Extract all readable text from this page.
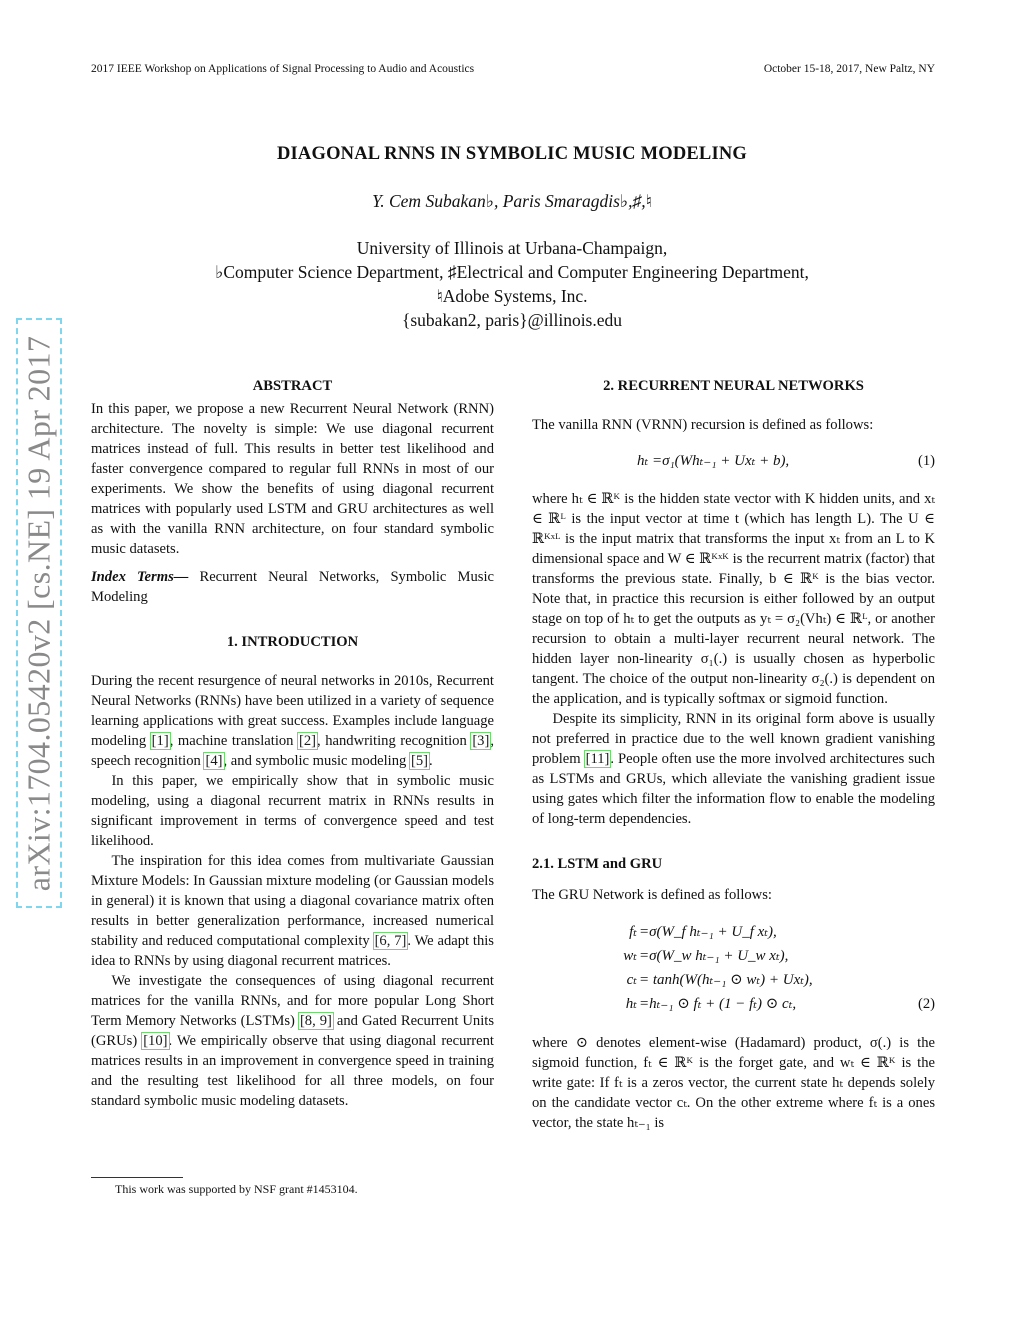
2017 IEEE Workshop on Applications of Signal Processing to Audio and Acoustics	October 15-18, 2017, New Paltz, NY
DIAGONAL RNNS IN SYMBOLIC MUSIC MODELING
Y. Cem Subakan♭, Paris Smaragdis♭,♯,♮
University of Illinois at Urbana-Champaign,
♭Computer Science Department, ♯Electrical and Computer Engineering Department,
♮Adobe Systems, Inc.
{subakan2, paris}@illinois.edu
arXiv:1704.05420v2 [cs.NE] 19 Apr 2017	ABSTRACT

In this paper, we propose a new Recurrent Neural Network (RNN) architecture. The novelty is simple: We use diagonal recurrent matrices instead of full. This results in better test likelihood and faster convergence compared to regular full RNNs in most of our experiments. We show the benefits of using diagonal recurrent matrices with popularly used LSTM and GRU architectures as well as with the vanilla RNN architecture, on four standard symbolic music datasets.

Index Terms— Recurrent Neural Networks, Symbolic Music Modeling

1. INTRODUCTION

During the recent resurgence of neural networks in 2010s, Recurrent Neural Networks (RNNs) have been utilized in a variety of sequence learning applications with great success. Examples include language modeling [1], machine translation [2], handwriting recognition [3], speech recognition [4], and symbolic music modeling [5].

In this paper, we empirically show that in symbolic music modeling, using a diagonal recurrent matrix in RNNs results in significant improvement in terms of convergence speed and test likelihood.

The inspiration for this idea comes from multivariate Gaussian Mixture Models: In Gaussian mixture modeling (or Gaussian models in general) it is known that using a diagonal covariance matrix often results in better generalization performance, increased numerical stability and reduced computational complexity [6, 7]. We adapt this idea to RNNs by using diagonal recurrent matrices.

We investigate the consequences of using diagonal recurrent matrices for the vanilla RNNs, and for more popular Long Short Term Memory Networks (LSTMs) [8, 9] and Gated Recurrent Units (GRUs) [10]. We empirically observe that using diagonal recurrent matrices results in an improvement in convergence speed in training and the resulting test likelihood for all three models, on four standard symbolic music modeling datasets.

This work was supported by NSF grant #1453104.
2. RECURRENT NEURAL NETWORKS

The vanilla RNN (VRNN) recursion is defined as follows:

hₜ =σ₁(Whₜ₋₁ + Uxₜ + b),	(1)

where hₜ ∈ ℝᴷ is the hidden state vector with K hidden units, and xₜ ∈ ℝᴸ is the input vector at time t (which has length L). The U ∈ ℝᴷˣᴸ is the input matrix that transforms the input xₜ from an L to K dimensional space and W ∈ ℝᴷˣᴷ is the recurrent matrix (factor) that transforms the previous state. Finally, b ∈ ℝᴷ is the bias vector. Note that, in practice this recursion is either followed by an output stage on top of hₜ to get the outputs as yₜ = σ₂(Vhₜ) ∈ ℝᴸ, or another recursion to obtain a multi-layer recurrent neural network. The hidden layer non-linearity σ₁(.) is usually chosen as hyperbolic tangent. The choice of the output non-linearity σ₂(.) is dependent on the application, and is typically softmax or sigmoid function.

Despite its simplicity, RNN in its original form above is usually not preferred in practice due to the well known gradient vanishing problem [11]. People often use the more involved architectures such as LSTMs and GRUs, which alleviate the vanishing gradient issue using gates which filter the information flow to enable the modeling of long-term dependencies.

2.1. LSTM and GRU

The GRU Network is defined as follows:

fₜ =σ(W_f hₜ₋₁ + U_f xₜ),
wₜ =σ(W_w hₜ₋₁ + U_w xₜ),
cₜ = tanh(W(hₜ₋₁ ⊙ wₜ) + Uxₜ),
hₜ =hₜ₋₁ ⊙ fₜ + (1 − fₜ) ⊙ cₜ,	(2)

where ⊙ denotes element-wise (Hadamard) product, σ(.) is the sigmoid function, fₜ ∈ ℝᴷ is the forget gate, and wₜ ∈ ℝᴷ is the write gate: If fₜ is a zeros vector, the current state hₜ depends solely on the candidate vector cₜ. On the other extreme where fₜ is a ones vector, the state hₜ₋₁ is
